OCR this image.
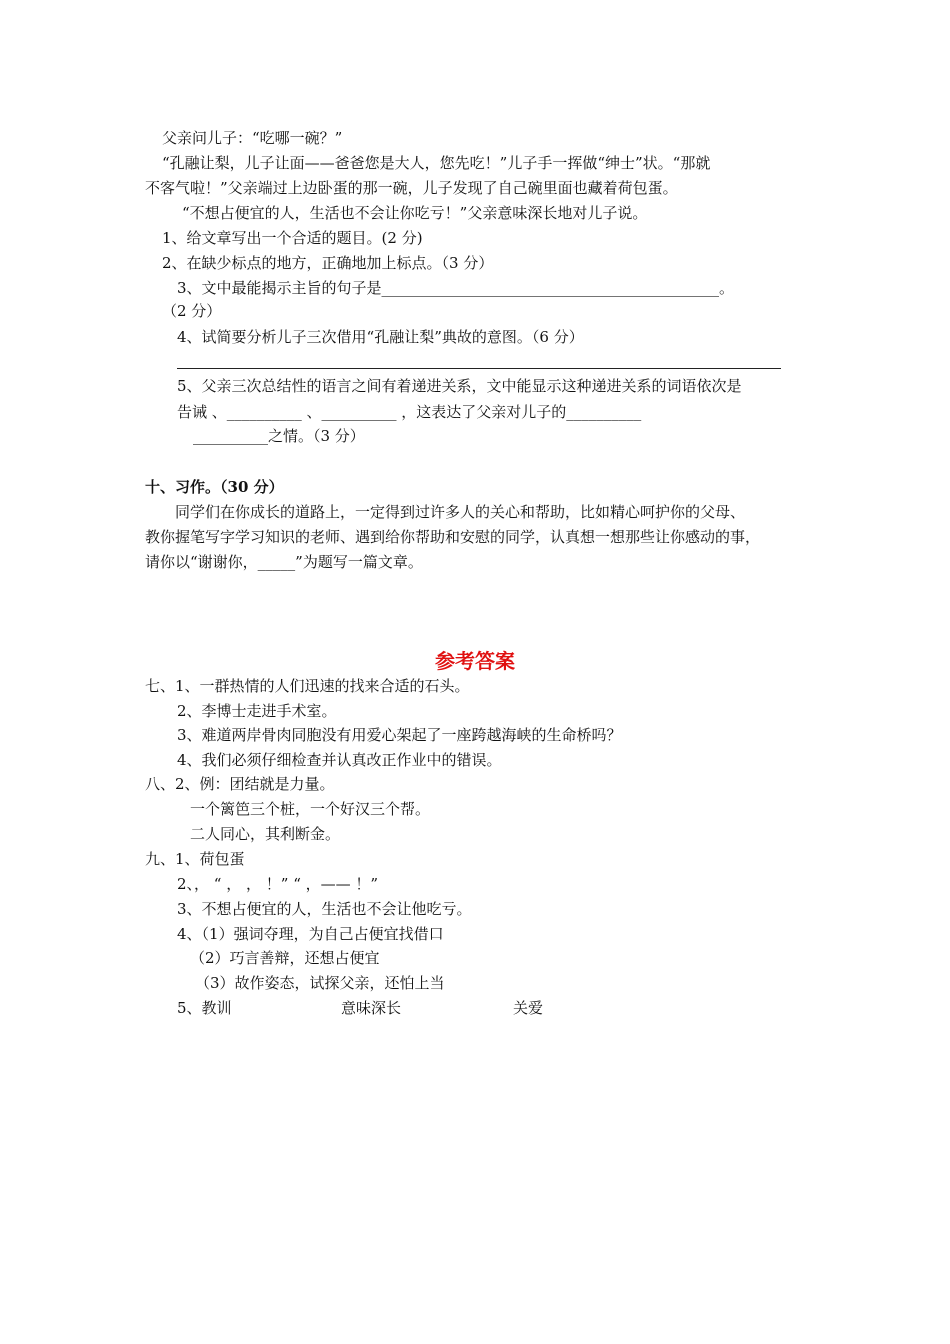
父亲问儿子：“吃哪一碗？”
“孔融让梨，儿子让面——爸爸您是大人，您先吃！”儿子手一挥做“绅士”状。“那就
不客气啦！”父亲端过上边卧蛋的那一碗，儿子发现了自己碗里面也藏着荷包蛋。
“不想占便宜的人，生活也不会让你吃亏！”父亲意味深长地对儿子说。
1、给文章写出一个合适的题目。(2 分)
2、在缺少标点的地方，正确地加上标点。（3 分）
3、文中最能揭示主旨的句子是_____________________________________________。
（2 分）
4、试简要分析儿子三次借用“孔融让梨”典故的意图。（6 分）
5、父亲三次总结性的语言之间有着递进关系，文中能显示这种递进关系的词语依次是
告诫 、__________ 、__________ ，这表达了父亲对儿子的__________
__________之情。（3 分）
十、习作。（30 分）
同学们在你成长的道路上，一定得到过许多人的关心和帮助，比如精心呵护你的父母、
教你握笔写字学习知识的老师、遇到给你帮助和安慰的同学，认真想一想那些让你感动的事，
请你以“谢谢你，_____”为题写一篇文章。
参考答案
七、1、一群热情的人们迅速的找来合适的石头。
2、李博士走进手术室。
3、难道两岸骨肉同胞没有用爱心架起了一座跨越海峡的生命桥吗？
4、我们必须仔细检查并认真改正作业中的错误。
八、2、例：团结就是力量。
一个篱笆三个桩，一个好汉三个帮。
二人同心，其利断金。
九、1、荷包蛋
2、， “ ， ， ！” “ ，—— ！”
3、不想占便宜的人，生活也不会让他吃亏。
4、（1）强词夺理，为自己占便宜找借口
（2）巧言善辩，还想占便宜
（3）故作姿态，试探父亲，还怕上当
5、教训	意味深长	关爱
